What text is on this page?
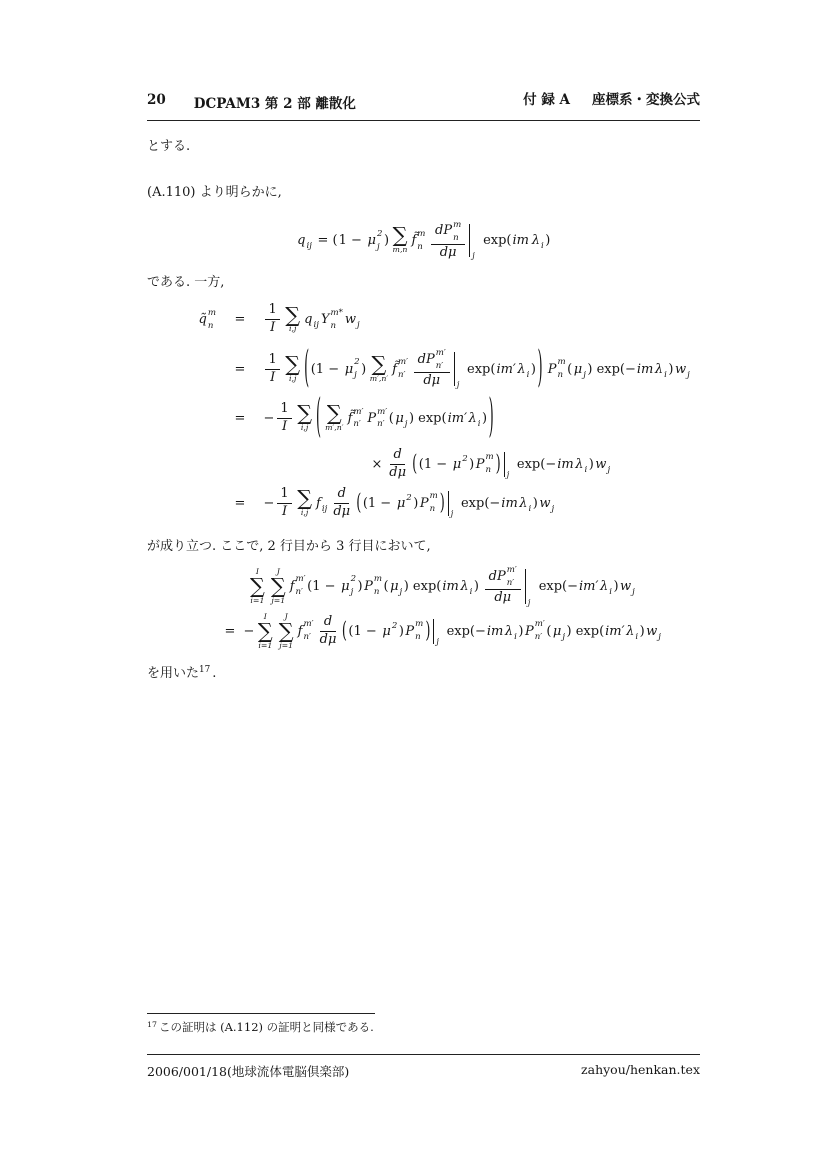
20 DCPAM3 第 2 部 離散化	付 録 A 座標系・変換公式

とする.

(A.110) より明らかに,

q ij = ( 1 − μ 2
j ) ∑
m,n
f̃ m
n
dP m
n
dμ j
exp( im λ i )

である. 一方,

q̃ m
n	=	$\frac{1}{I}$ ∑
i,j
q ij Y m*
n w j
=	$\frac{1}{I}$ ∑
i,j ( (1 − μ 2
j ) ∑
m′,n′
f̃ m′
n′
dP m′
n′
dμ j
exp( im′ λ i ) ) P m
n ( μ j ) exp(− im λ i ) w j
=	− $\frac{1}{I}$ ∑
i,j ( ∑
m′,n′
f̃ m′
n′ P m′
n′ ( μ j ) exp( im′ λ i ) )
× $\frac{d}{d\mu}$ ( (1 − μ 2 ) P m
n ) j
exp(− im λ i ) w j
=	− $\frac{1}{I}$ ∑
i,j
f ij $\frac{d}{d\mu}$ ( (1 − μ 2 ) P m
n ) j
exp(− im λ i ) w j

が成り立つ. ここで, 2 行目から 3 行目において,

I
∑
i=1
J
∑
j=1
f m′
n′ (1 − μ 2
j ) P m
n ( μ j ) exp( im λ i )
dP m′
n′
dμ j
exp(− im′ λ i ) w j
= −
I
∑
i=1
J
∑
j=1
f m′
$n' \frac{d}{d\mu}$ ( (1 − μ 2 ) P m
n ) j
exp(− im λ i ) P m′
n′ ( μ j ) exp( im′ λ i ) w j

を用いた$^{17}$ .

$^{17}$ この証明は (A.112) の証明と同様である.

2006/001/18(地球流体電脳倶楽部)	zahyou/henkan.tex
